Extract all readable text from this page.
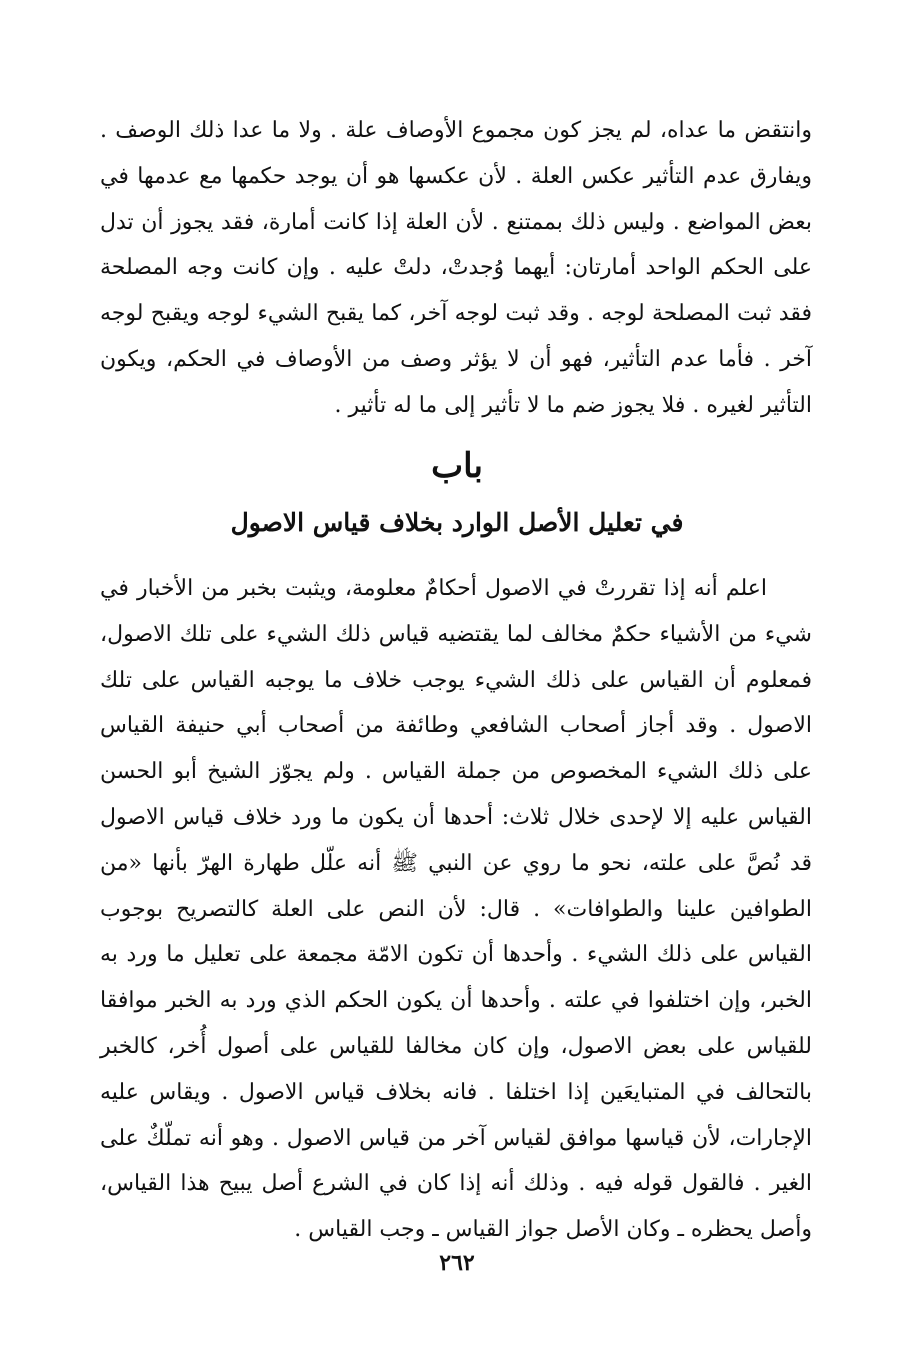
وانتقض ما عداه، لم يجز كون مجموع الأوصاف علة . ولا ما عدا ذلك الوصف . ويفارق عدم التأثير عكس العلة . لأن عكسها هو أن يوجد حكمها مع عدمها في بعض المواضع . وليس ذلك بممتنع . لأن العلة إذا كانت أمارة، فقد يجوز أن تدل على الحكم الواحد أمارتان: أيهما وُجدتْ، دلتْ عليه . وإن كانت وجه المصلحة فقد ثبت المصلحة لوجه . وقد ثبت لوجه آخر، كما يقبح الشيء لوجه ويقبح لوجه آخر . فأما عدم التأثير، فهو أن لا يؤثر وصف من الأوصاف في الحكم، ويكون التأثير لغيره . فلا يجوز ضم ما لا تأثير إلى ما له تأثير .

باب
في تعليل الأصل الوارد بخلاف قياس الاصول

اعلم أنه إذا تقررتْ في الاصول أحكامٌ معلومة، ويثبت بخبر من الأخبار في شيء من الأشياء حكمٌ مخالف لما يقتضيه قياس ذلك الشيء على تلك الاصول، فمعلوم أن القياس على ذلك الشيء يوجب خلاف ما يوجبه القياس على تلك الاصول . وقد أجاز أصحاب الشافعي وطائفة من أصحاب أبي حنيفة القياس على ذلك الشيء المخصوص من جملة القياس . ولم يجوّز الشيخ أبو الحسن القياس عليه إلا لإحدى خلال ثلاث: أحدها أن يكون ما ورد خلاف قياس الاصول قد نُصَّ على علته، نحو ما روي عن النبي ﷺ أنه علّل طهارة الهرّ بأنها «من الطوافين علينا والطوافات» . قال: لأن النص على العلة كالتصريح بوجوب القياس على ذلك الشيء . وأحدها أن تكون الامّة مجمعة على تعليل ما ورد به الخبر، وإن اختلفوا في علته . وأحدها أن يكون الحكم الذي ورد به الخبر موافقا للقياس على بعض الاصول، وإن كان مخالفا للقياس على أصول أُخر، كالخبر بالتحالف في المتبايعَين إذا اختلفا . فانه بخلاف قياس الاصول . ويقاس عليه الإجارات، لأن قياسها موافق لقياس آخر من قياس الاصول . وهو أنه تملّكٌ على الغير . فالقول قوله فيه . وذلك أنه إذا كان في الشرع أصل يبيح هذا القياس، وأصل يحظره ـ وكان الأصل جواز القياس ـ وجب القياس .

٢٦٢
